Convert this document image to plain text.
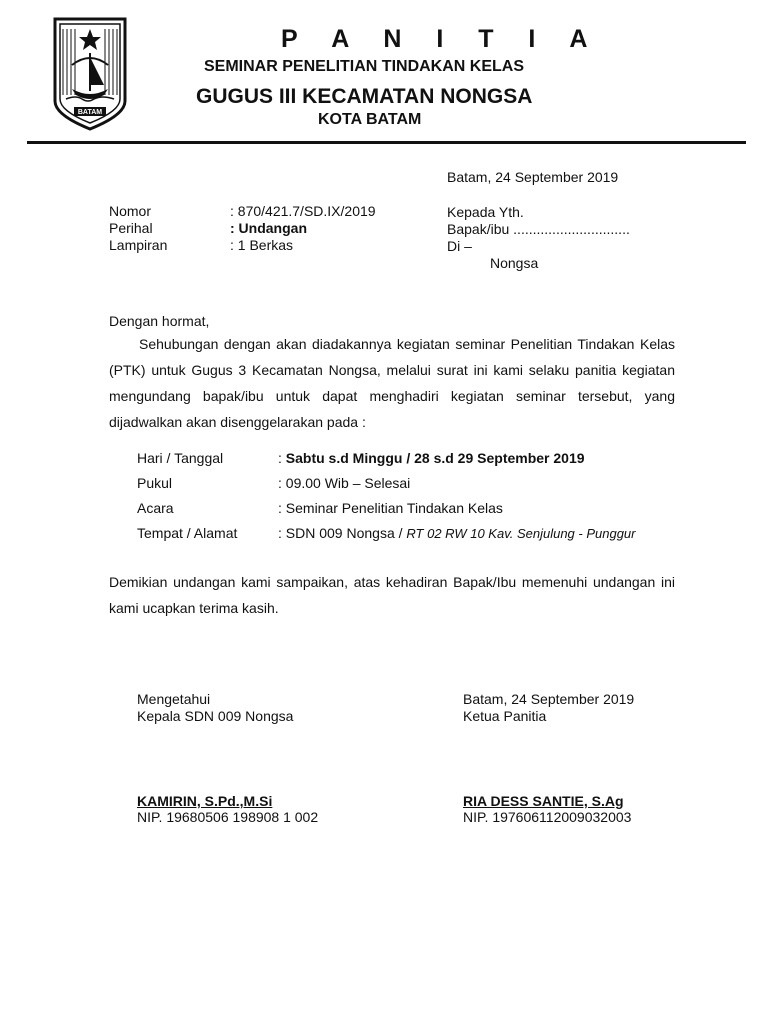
BATAM
P A N I T I A
SEMINAR PENELITIAN TINDAKAN KELAS
GUGUS III KECAMATAN NONGSA
KOTA BATAM
Batam, 24 September 2019
Nomor	: 870/421.7/SD.IX/2019
Perihal	: Undangan
Lampiran	: 1 Berkas
Kepada Yth.
Bapak/ibu ..............................
Di –
Nongsa
Dengan hormat,
Sehubungan dengan akan diadakannya kegiatan seminar Penelitian Tindakan Kelas (PTK) untuk Gugus 3 Kecamatan Nongsa, melalui surat ini kami selaku panitia kegiatan mengundang bapak/ibu untuk dapat menghadiri kegiatan seminar tersebut, yang dijadwalkan akan disenggelarakan pada :
Hari / Tanggal	: Sabtu s.d Minggu / 28 s.d 29 September 2019
Pukul	: 09.00 Wib – Selesai
Acara	: Seminar Penelitian Tindakan Kelas
Tempat / Alamat	: SDN 009 Nongsa / RT 02 RW 10 Kav. Senjulung - Punggur
Demikian undangan kami sampaikan, atas kehadiran Bapak/Ibu memenuhi undangan ini kami ucapkan terima kasih.
Mengetahui
Kepala SDN 009 Nongsa
KAMIRIN, S.Pd.,M.Si
NIP. 19680506 198908 1 002
Batam, 24 September 2019
Ketua Panitia
RIA DESS SANTIE, S.Ag
NIP. 197606112009032003
